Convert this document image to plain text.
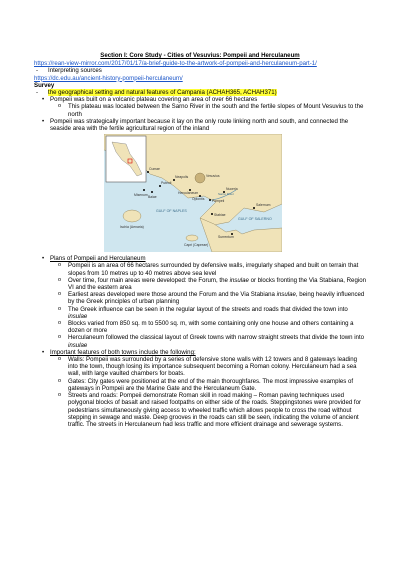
Section I: Core Study - Cities of Vesuvius: Pompeii and Herculaneum
https://rean-view-mirror.com/2017/01/17/a-brief-guide-to-the-artwork-of-pompeii-and-herculaneum-part-1/
-	Interpreting sources
https://dc.edu.au/ancient-history-pompeii-herculaneum/
Survey
-	the geographical setting and natural features of Campania (ACHAH365, ACHAH371)
• Pompeii was built on a volcanic plateau covering an area of over 66 hectares
o This plateau was located between the Sarno River in the south and the fertile slopes of Mount Vesuvius to the north
• Pompeii was strategically important because it lay on the only route linking north and south, and connected the seaside area with the fertile agricultural region of the inland
Cumae
Misenum
Puteoli
Baiae
Neapolis	Vesuvius
Herculaneum
Oplontis Pompeii
Stabiae
Nuceria
GULF OF NAPLES
GULF OF SALERNO
Ischia (Aenaria)
Capri (Capreae)
Surrentum
Salernum
Sarno River
• Plans of Pompeii and Herculaneum
o Pompeii is an area of 66 hectares surrounded by defensive walls, irregularly shaped and built on terrain that slopes from 10 metres up to 40 metres above sea level
o Over time, four main areas were developed: the Forum, the insulae or blocks fronting the Via Stabiana, Region VI and the eastern area
o Earliest areas developed were those around the Forum and the Via Stabiana insulae, being heavily influenced by the Greek principles of urban planning
o The Greek influence can be seen in the regular layout of the streets and roads that divided the town into insulae
o Blocks varied from 850 sq. m to 5500 sq. m, with some containing only one house and others containing a dozen or more
o Herculaneum followed the classical layout of Greek towns with narrow straight streets that divide the town into insulae
• Important features of both towns include the following:
o Walls: Pompeii was surrounded by a series of defensive stone walls with 12 towers and 8 gateways leading into the town, though losing its importance subsequent becoming a Roman colony. Herculaneum had a sea wall, with large vaulted chambers for boats.
o Gates: City gates were positioned at the end of the main thoroughfares. The most impressive examples of gateways in Pompeii are the Marine Gate and the Herculaneum Gate.
o Streets and roads: Pompeii demonstrate Roman skill in road making – Roman paving techniques used polygonal blocks of basalt and raised footpaths on either side of the roads. Steppingstones were provided for pedestrians simultaneously giving access to wheeled traffic which allows people to cross the road without stepping in sewage and waste. Deep grooves in the roads can still be seen, indicating the volume of ancient traffic. The streets in Herculaneum had less traffic and more efficient drainage and sewerage systems.
